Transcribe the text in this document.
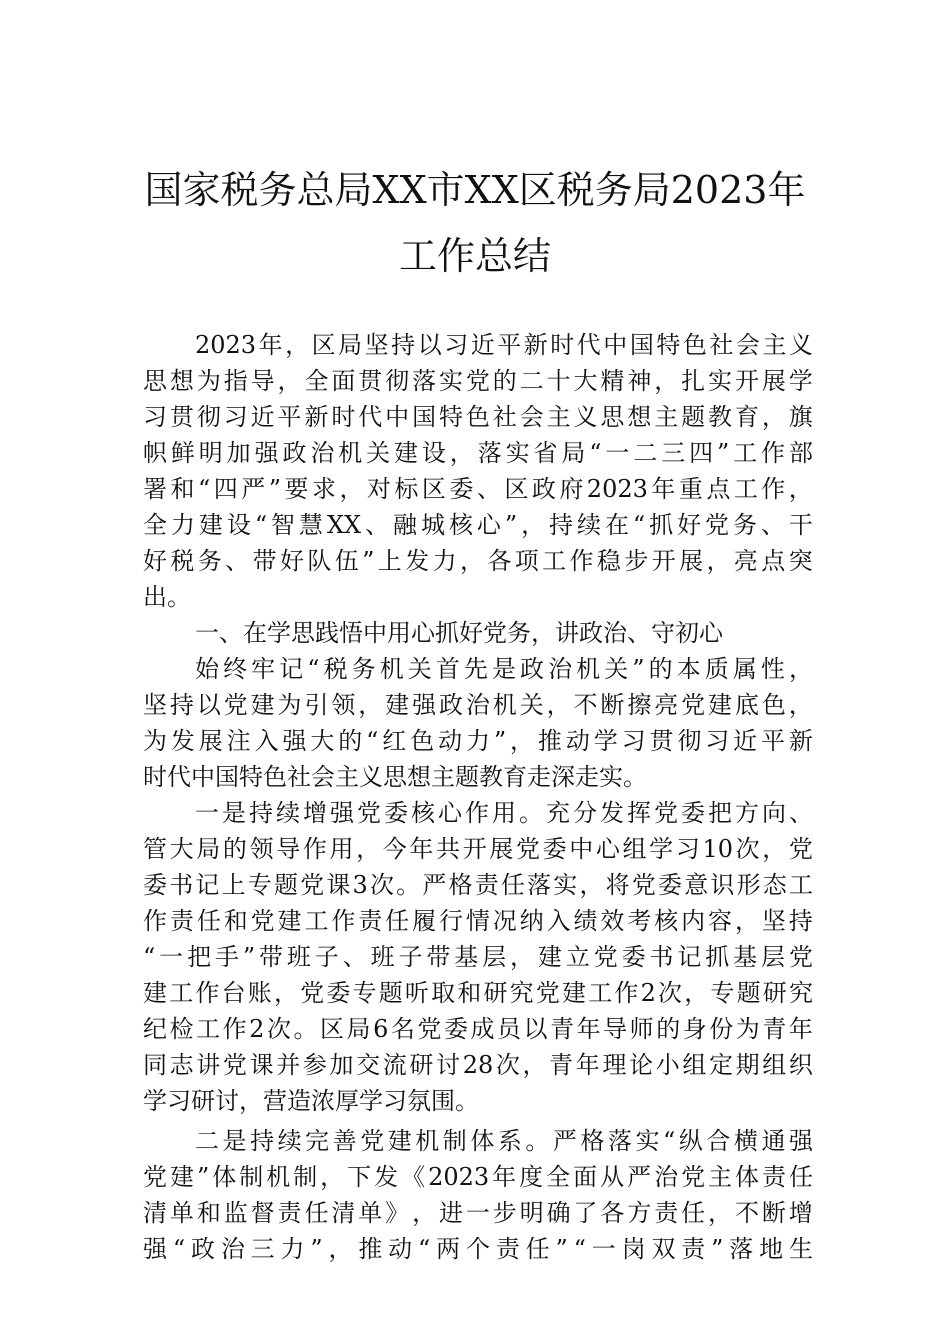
国家税务总局XX市XX区税务局2023年
工作总结
2023 年 ， 区 局 坚 持 以 习 近 平 新 时 代 中 国 特 色 社 会 主 义
思 想 为 指 导 ， 全 面 贯 彻 落 实 党 的 二 十 大 精 神 ， 扎 实 开 展 学
习 贯 彻 习 近 平 新 时 代 中 国 特 色 社 会 主 义 思 想 主 题 教 育 ， 旗
帜 鲜 明 加 强 政 治 机 关 建 设 ， 落 实 省 局 “ 一 二 三 四 ” 工 作 部
署 和 “ 四 严 ” 要 求 ， 对 标 区 委 、 区 政 府 2023 年 重 点 工 作 ，
全 力 建 设 “ 智 慧 XX 、 融 城 核 心 ” ， 持 续 在 “ 抓 好 党 务 、 干
好 税 务 、 带 好 队 伍 ” 上 发 力 ， 各 项 工 作 稳 步 开 展 ， 亮 点 突
出。
一、在学思践悟中用心抓好党务，讲政治、守初心
始 终 牢 记 “ 税 务 机 关 首 先 是 政 治 机 关 ” 的 本 质 属 性 ，
坚 持 以 党 建 为 引 领 ， 建 强 政 治 机 关 ， 不 断 擦 亮 党 建 底 色 ，
为 发 展 注 入 强 大 的 “ 红 色 动 力 ” ， 推 动 学 习 贯 彻 习 近 平 新
时代中国特色社会主义思想主题教育走深走实。
一 是 持 续 增 强 党 委 核 心 作 用 。 充 分 发 挥 党 委 把 方 向 、
管 大 局 的 领 导 作 用 ， 今 年 共 开 展 党 委 中 心 组 学 习 10 次 ， 党
委 书 记 上 专 题 党 课 3 次 。 严 格 责 任 落 实 ， 将 党 委 意 识 形 态 工
作 责 任 和 党 建 工 作 责 任 履 行 情 况 纳 入 绩 效 考 核 内 容 ， 坚 持
“ 一 把 手 ” 带 班 子 、 班 子 带 基 层 ， 建 立 党 委 书 记 抓 基 层 党
建 工 作 台 账 ， 党 委 专 题 听 取 和 研 究 党 建 工 作 2 次 ， 专 题 研 究
纪 检 工 作 2 次 。 区 局 6 名 党 委 成 员 以 青 年 导 师 的 身 份 为 青 年
同 志 讲 党 课 并 参 加 交 流 研 讨 28 次 ， 青 年 理 论 小 组 定 期 组 织
学习研讨，营造浓厚学习氛围。
二 是 持 续 完 善 党 建 机 制 体 系 。 严 格 落 实 “ 纵 合 横 通 强
党 建 ” 体 制 机 制 ， 下 发 《 2023 年 度 全 面 从 严 治 党 主 体 责 任
清 单 和 监 督 责 任 清 单 》 ， 进 一 步 明 确 了 各 方 责 任 ， 不 断 增
强 “ 政 治 三 力 ” ， 推 动 “ 两 个 责 任 ” “ 一 岗 双 责 ” 落 地 生
